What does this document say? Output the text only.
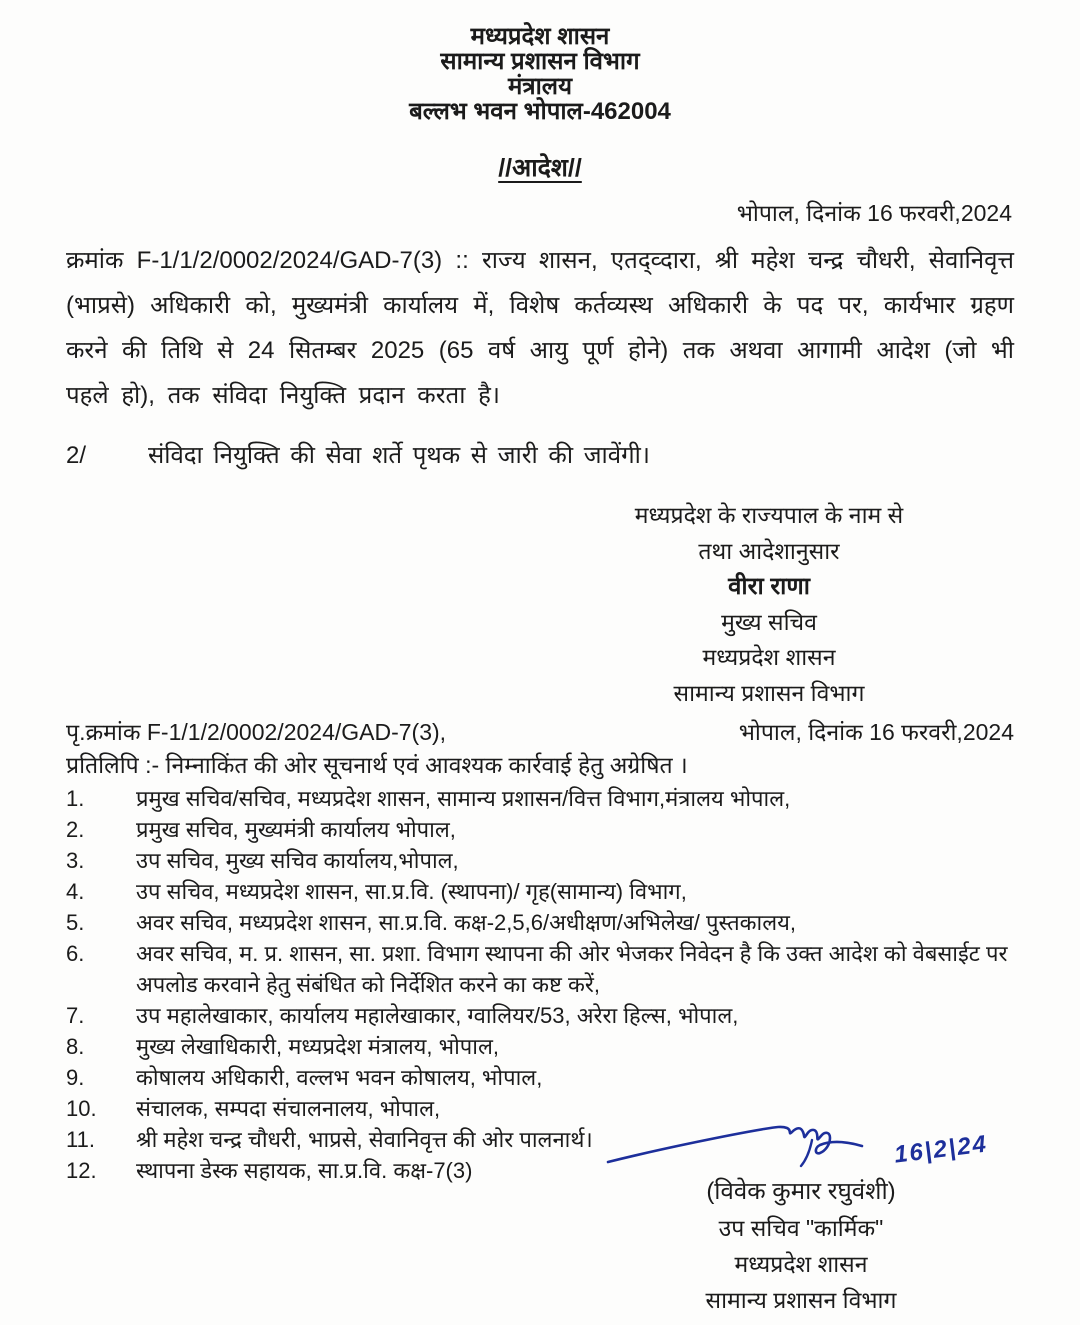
मध्यप्रदेश शासन
सामान्य प्रशासन विभाग
मंत्रालय
बल्लभ भवन भोपाल-462004
//आदेश//
भोपाल, दिनांक 16 फरवरी,2024
क्रमांक F-1/1/2/0002/2024/GAD-7(3) :: राज्य शासन, एतद्व्दारा, श्री महेश चन्द्र चौधरी, सेवानिवृत्त (भाप्रसे) अधिकारी को, मुख्यमंत्री कार्यालय में, विशेष कर्तव्यस्थ अधिकारी के पद पर, कार्यभार ग्रहण करने की तिथि से 24 सितम्बर 2025 (65 वर्ष आयु पूर्ण होने) तक अथवा आगामी आदेश (जो भी पहले हो), तक संविदा नियुक्ति प्रदान करता है।
2/	संविदा नियुक्ति की सेवा शर्ते पृथक से जारी की जावेंगी।
मध्यप्रदेश के राज्यपाल के नाम से
तथा आदेशानुसार
वीरा राणा
मुख्य सचिव
मध्यप्रदेश शासन
सामान्य प्रशासन विभाग
पृ.क्रमांक F-1/1/2/0002/2024/GAD-7(3),	भोपाल, दिनांक 16 फरवरी,2024
प्रतिलिपि :- निम्नाकिंत की ओर सूचनार्थ एवं आवश्यक कार्रवाई हेतु अग्रेषित ।
1.	प्रमुख सचिव/सचिव, मध्यप्रदेश शासन, सामान्य प्रशासन/वित्त विभाग,मंत्रालय भोपाल,
2.	प्रमुख सचिव, मुख्यमंत्री कार्यालय भोपाल,
3.	उप सचिव, मुख्य सचिव कार्यालय,भोपाल,
4.	उप सचिव, मध्यप्रदेश शासन, सा.प्र.वि. (स्थापना)/ गृह(सामान्य) विभाग,
5.	अवर सचिव, मध्यप्रदेश शासन, सा.प्र.वि. कक्ष-2,5,6/अधीक्षण/अभिलेख/ पुस्तकालय,
6.	अवर सचिव, म. प्र. शासन, सा. प्रशा. विभाग स्थापना की ओर भेजकर निवेदन है कि उक्त आदेश को वेबसाईट पर अपलोड करवाने हेतु संबंधित को निर्देशित करने का कष्ट करें,
7.	उप महालेखाकार, कार्यालय महालेखाकार, ग्वालियर/53, अरेरा हिल्स, भोपाल,
8.	मुख्य लेखाधिकारी, मध्यप्रदेश मंत्रालय, भोपाल,
9.	कोषालय अधिकारी, वल्लभ भवन कोषालय, भोपाल,
10.	संचालक, सम्पदा संचालनालय, भोपाल,
11.	श्री महेश चन्द्र चौधरी, भाप्रसे, सेवानिवृत्त की ओर पालनार्थ।
12.	स्थापना डेस्क सहायक, सा.प्र.वि. कक्ष-7(3)
16|2|24
(विवेक कुमार रघुवंशी)
उप सचिव "कार्मिक"
मध्यप्रदेश शासन
सामान्य प्रशासन विभाग
